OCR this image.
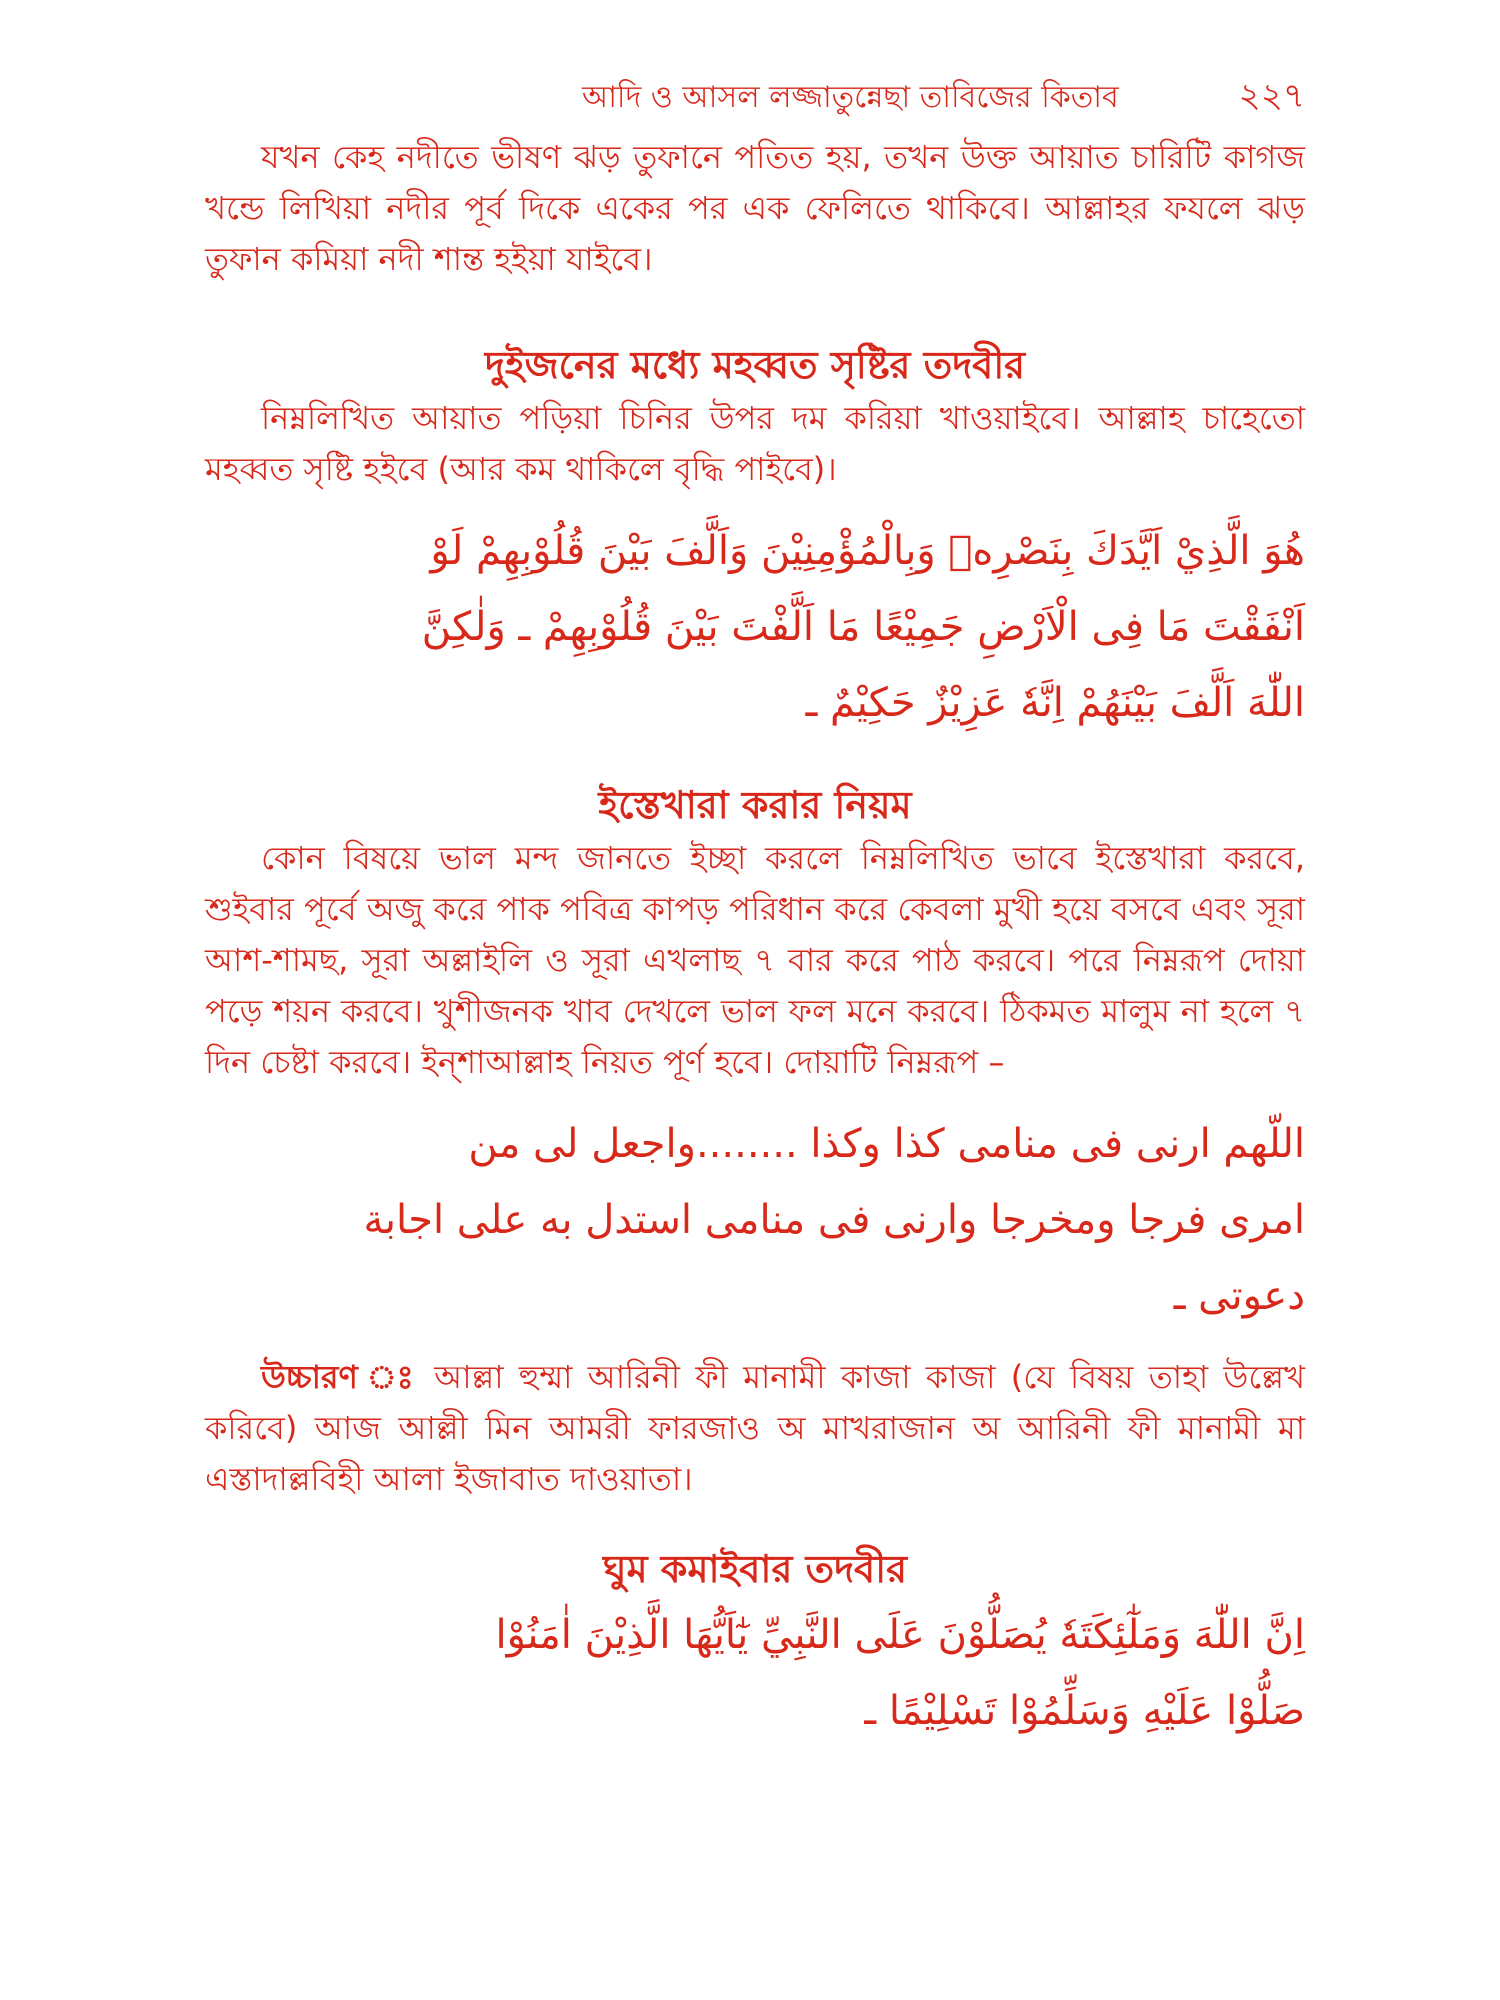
আদি ও আসল লজ্জাতুন্নেছা তাবিজের কিতাব	২২৭

যখন কেহ নদীতে ভীষণ ঝড় তুফানে পতিত হয়, তখন উক্ত আয়াত চারিটি কাগজ খন্ডে লিখিয়া নদীর পূর্ব দিকে একের পর এক ফেলিতে থাকিবে। আল্লাহর ফযলে ঝড় তুফান কমিয়া নদী শান্ত হইয়া যাইবে।

দুইজনের মধ্যে মহব্বত সৃষ্টির তদবীর

নিম্নলিখিত আয়াত পড়িয়া চিনির উপর দম করিয়া খাওয়াইবে। আল্লাহ চাহেতো মহব্বত সৃষ্টি হইবে (আর কম থাকিলে বৃদ্ধি পাইবে)।

هُوَ الَّذِيْ اَيَّدَكَ بِنَصْرِهٖ وَبِالْمُؤْمِنِيْنَ وَاَلَّفَ بَيْنَ قُلُوْبِهِمْ لَوْ
اَنْفَقْتَ مَا فِى الْاَرْضِ جَمِيْعًا مَا اَلَّفْتَ بَيْنَ قُلُوْبِهِمْ ـ وَلٰكِنَّ
اللّٰهَ اَلَّفَ بَيْنَهُمْ اِنَّهٗ عَزِيْزٌ حَكِيْمٌ ـ
ইস্তেখারা করার নিয়ম

কোন বিষয়ে ভাল মন্দ জানতে ইচ্ছা করলে নিম্নলিখিত ভাবে ইস্তেখারা করবে, শুইবার পূর্বে অজু করে পাক পবিত্র কাপড় পরিধান করে কেবলা মুখী হয়ে বসবে এবং সূরা আশ-শামছ, সূরা অল্লাইলি ও সূরা এখলাছ ৭ বার করে পাঠ করবে। পরে নিম্নরূপ দোয়া পড়ে শয়ন করবে। খুশীজনক খাব দেখলে ভাল ফল মনে করবে। ঠিকমত মালুম না হলে ৭ দিন চেষ্টা করবে। ইন্‌শাআল্লাহ নিয়ত পূর্ণ হবে। দোয়াটি নিম্নরূপ –

اللّهم ارنى فى منامى كذا وكذا ........واجعل لى من
امرى فرجا ومخرجا وارنى فى منامى استدل به على اجابة
دعوتى ـ

উচ্চারণ ঃ আল্লা হুম্মা আরিনী ফী মানামী কাজা কাজা (যে বিষয় তাহা উল্লেখ করিবে) আজ আল্লী মিন আমরী ফারজাও অ মাখরাজান অ আরিনী ফী মানামী মা এস্তাদাল্লবিহী আলা ইজাবাত দাওয়াতা।

ঘুম কমাইবার তদবীর
اِنَّ اللّٰهَ وَمَلٰٓئِكَتَهٗ يُصَلُّوْنَ عَلَى النَّبِيِّ يٰٓاَيُّهَا الَّذِيْنَ اٰمَنُوْا
صَلُّوْا عَلَيْهِ وَسَلِّمُوْا تَسْلِيْمًا ـ
